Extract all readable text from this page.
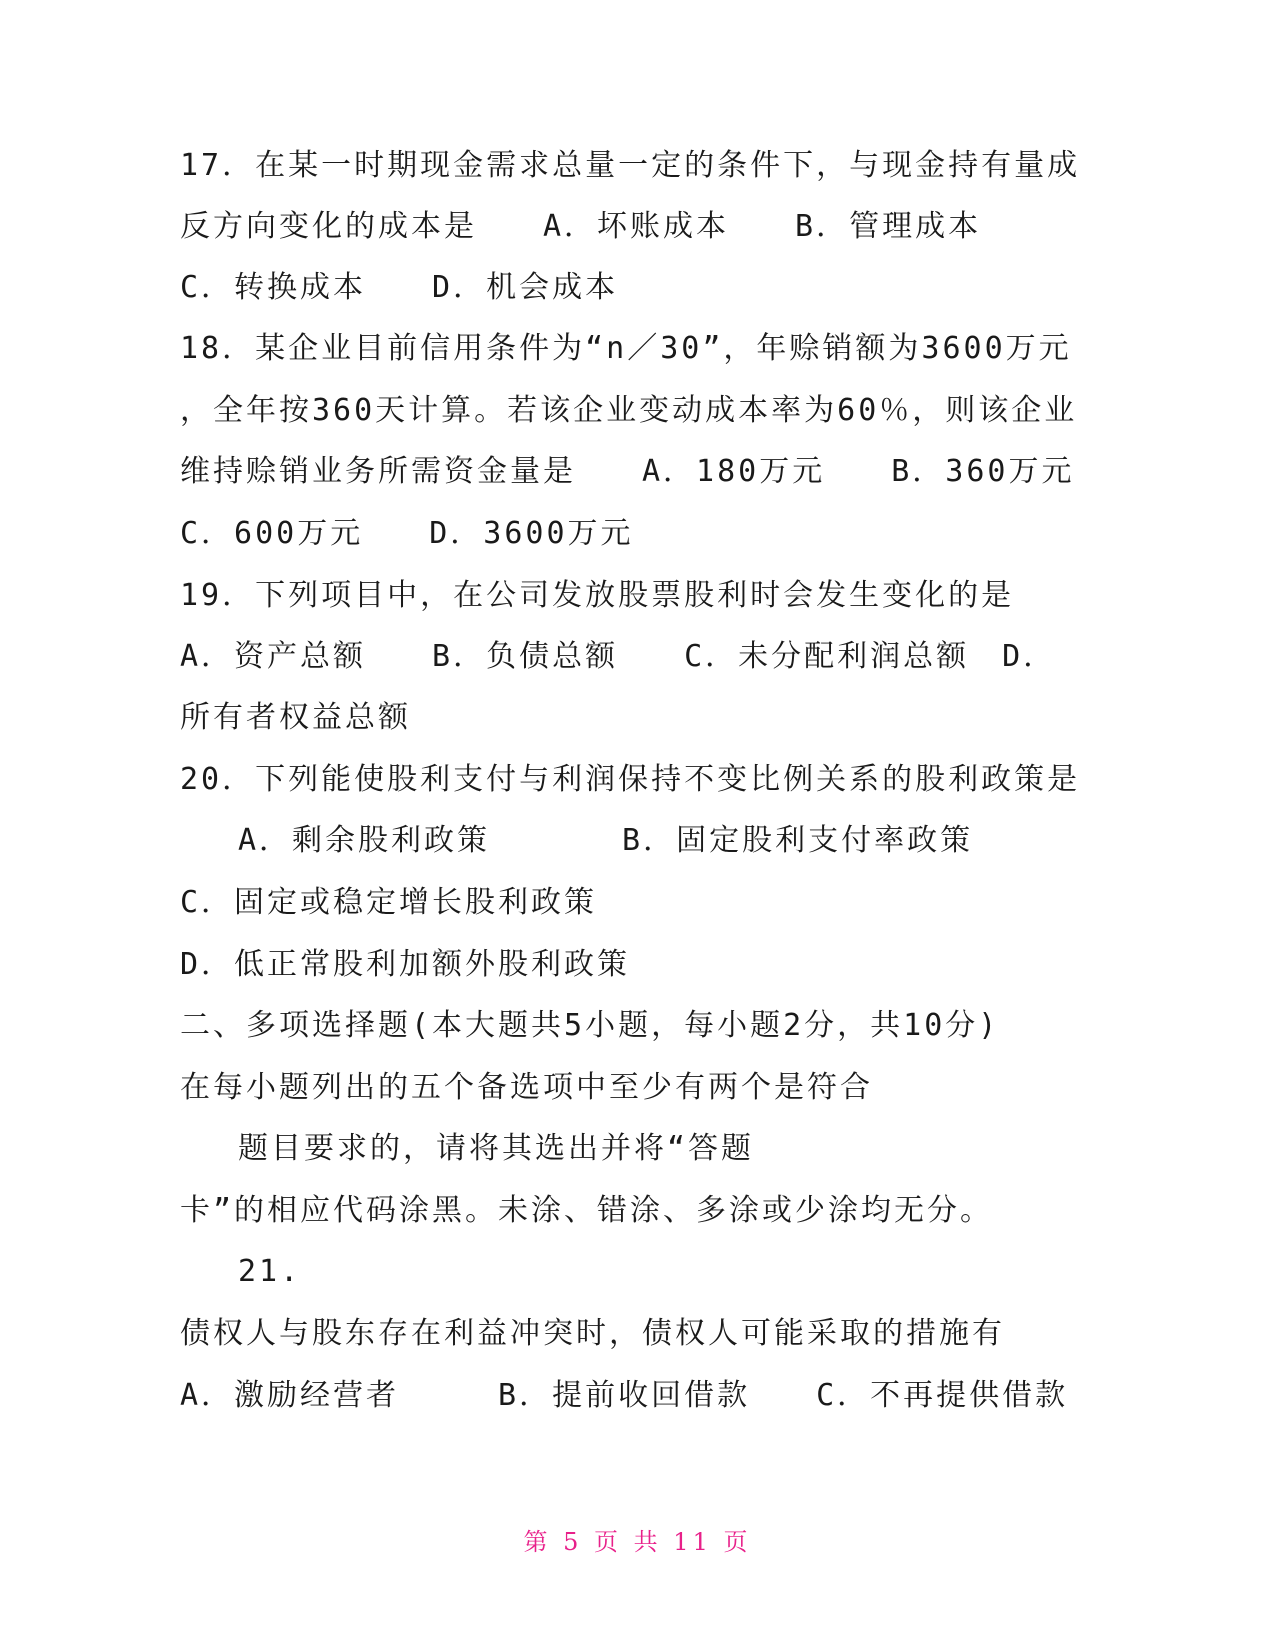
17．在某一时期现金需求总量一定的条件下，与现金持有量成
反方向变化的成本是　　A．坏账成本　　B．管理成本
C．转换成本　　D．机会成本
18．某企业目前信用条件为“n／30”，年赊销额为3600万元
，全年按360天计算。若该企业变动成本率为60％，则该企业
维持赊销业务所需资金量是　　A．180万元　　B．360万元
C．600万元　　D．3600万元
19．下列项目中，在公司发放股票股利时会发生变化的是
A．资产总额　　B．负债总额　　C．未分配利润总额　D．
所有者权益总额
20．下列能使股利支付与利润保持不变比例关系的股利政策是
A．剩余股利政策　　　　B．固定股利支付率政策
C．固定或稳定增长股利政策
D．低正常股利加额外股利政策
二、多项选择题(本大题共5小题，每小题2分，共10分)
在每小题列出的五个备选项中至少有两个是符合
题目要求的，请将其选出并将“答题
卡”的相应代码涂黑。未涂、错涂、多涂或少涂均无分。
21.
债权人与股东存在利益冲突时，债权人可能采取的措施有
A．激励经营者　　　B．提前收回借款　　C．不再提供借款
第 5 页 共 11 页
